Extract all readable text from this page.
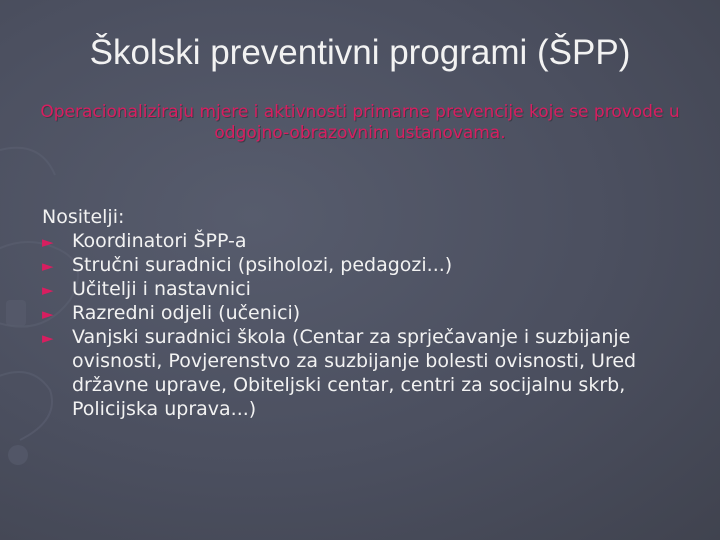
Školski preventivni programi (ŠPP)
Operacionaliziraju mjere i aktivnosti primarne prevencije koje se provode u odgojno-obrazovnim ustanovama.

Nositelji:

► Koordinatori ŠPP-a
► Stručni suradnici (psiholozi, pedagozi...)
► Učitelji i nastavnici
► Razredni odjeli (učenici)
► Vanjski suradnici škola (Centar za sprječavanje i suzbijanje ovisnosti, Povjerenstvo za suzbijanje bolesti ovisnosti, Ured državne uprave, Obiteljski centar, centri za socijalnu skrb, Policijska uprava...)
